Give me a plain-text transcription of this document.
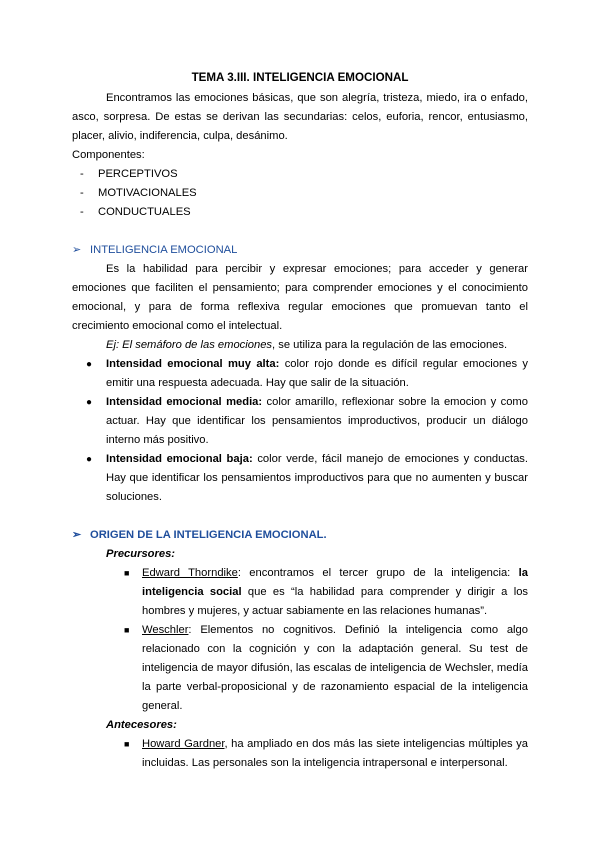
TEMA 3.III. INTELIGENCIA EMOCIONAL

Encontramos las emociones básicas, que son alegría, tristeza, miedo, ira o enfado, asco, sorpresa. De estas se derivan las secundarias: celos, euforia, rencor, entusiasmo, placer, alivio, indiferencia, culpa, desánimo.

Componentes:

- PERCEPTIVOS
- MOTIVACIONALES
- CONDUCTUALES

➢ INTELIGENCIA EMOCIONAL

Es la habilidad para percibir y expresar emociones; para acceder y generar emociones que faciliten el pensamiento; para comprender emociones y el conocimiento emocional, y para de forma reflexiva regular emociones que promuevan tanto el crecimiento emocional como el intelectual.

Ej: El semáforo de las emociones, se utiliza para la regulación de las emociones.

● Intensidad emocional muy alta: color rojo donde es difícil regular emociones y emitir una respuesta adecuada. Hay que salir de la situación.
● Intensidad emocional media: color amarillo, reflexionar sobre la emocion y como actuar. Hay que identificar los pensamientos improductivos, producir un diálogo interno más positivo.
● Intensidad emocional baja: color verde, fácil manejo de emociones y conductas. Hay que identificar los pensamientos improductivos para que no aumenten y buscar soluciones.

➢ ORIGEN DE LA INTELIGENCIA EMOCIONAL.

Precursores:

■ Edward Thorndike: encontramos el tercer grupo de la inteligencia: la inteligencia social que es “la habilidad para comprender y dirigir a los hombres y mujeres, y actuar sabiamente en las relaciones humanas”.
■ Weschler: Elementos no cognitivos. Definió la inteligencia como algo relacionado con la cognición y con la adaptación general. Su test de inteligencia de mayor difusión, las escalas de inteligencia de Wechsler, medía la parte verbal-proposicional y de razonamiento espacial de la inteligencia general.

Antecesores:

■ Howard Gardner, ha ampliado en dos más las siete inteligencias múltiples ya incluidas. Las personales son la inteligencia intrapersonal e interpersonal.
